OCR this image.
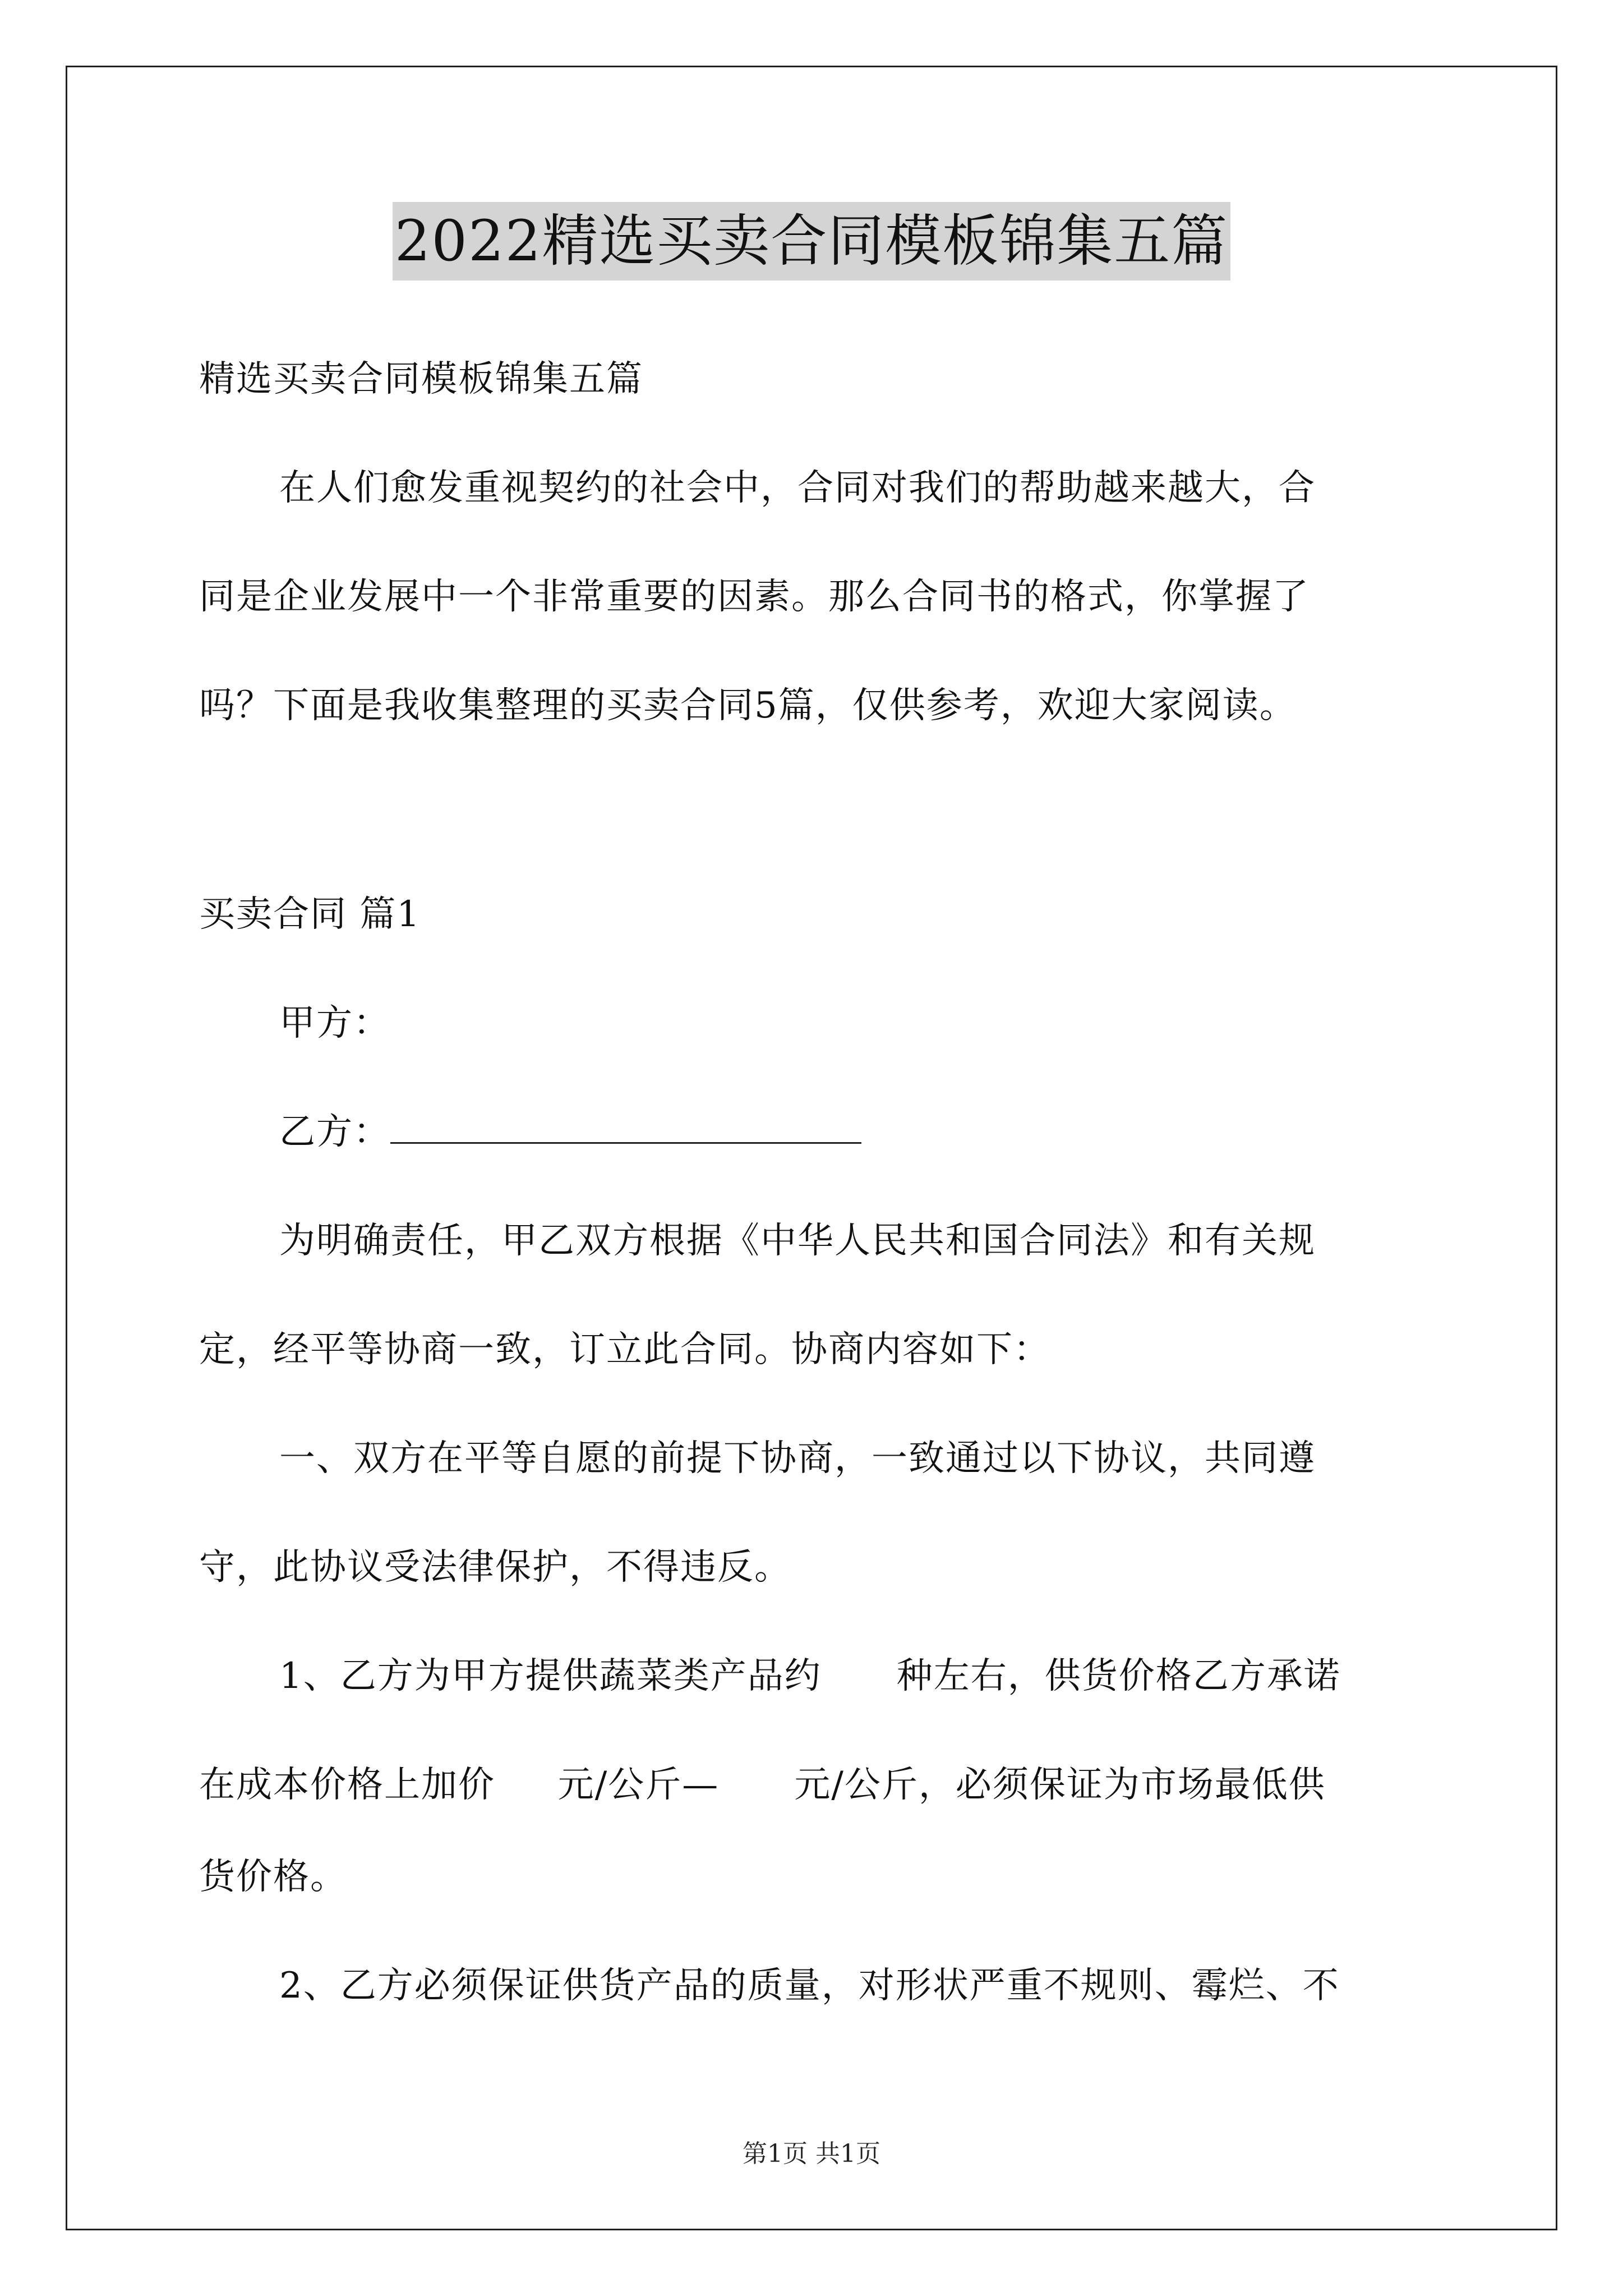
2022精选买卖合同模板锦集五篇
精选买卖合同模板锦集五篇
在人们愈发重视契约的社会中，合同对我们的帮助越来越大，合
同是企业发展中一个非常重要的因素。那么合同书的格式，你掌握了
吗？下面是我收集整理的买卖合同5篇，仅供参考，欢迎大家阅读。
买卖合同 篇1
甲方：
乙方：
为明确责任，甲乙双方根据《中华人民共和国合同法》和有关规
定，经平等协商一致，订立此合同。协商内容如下：
一、双方在平等自愿的前提下协商，一致通过以下协议，共同遵
守，此协议受法律保护，不得违反。
1、乙方为甲方提供蔬菜类产品约      种左右，供货价格乙方承诺
在成本价格上加价     元/公斤—      元/公斤，必须保证为市场最低供
货价格。
2、乙方必须保证供货产品的质量，对形状严重不规则、霉烂、不
第1页 共1页
